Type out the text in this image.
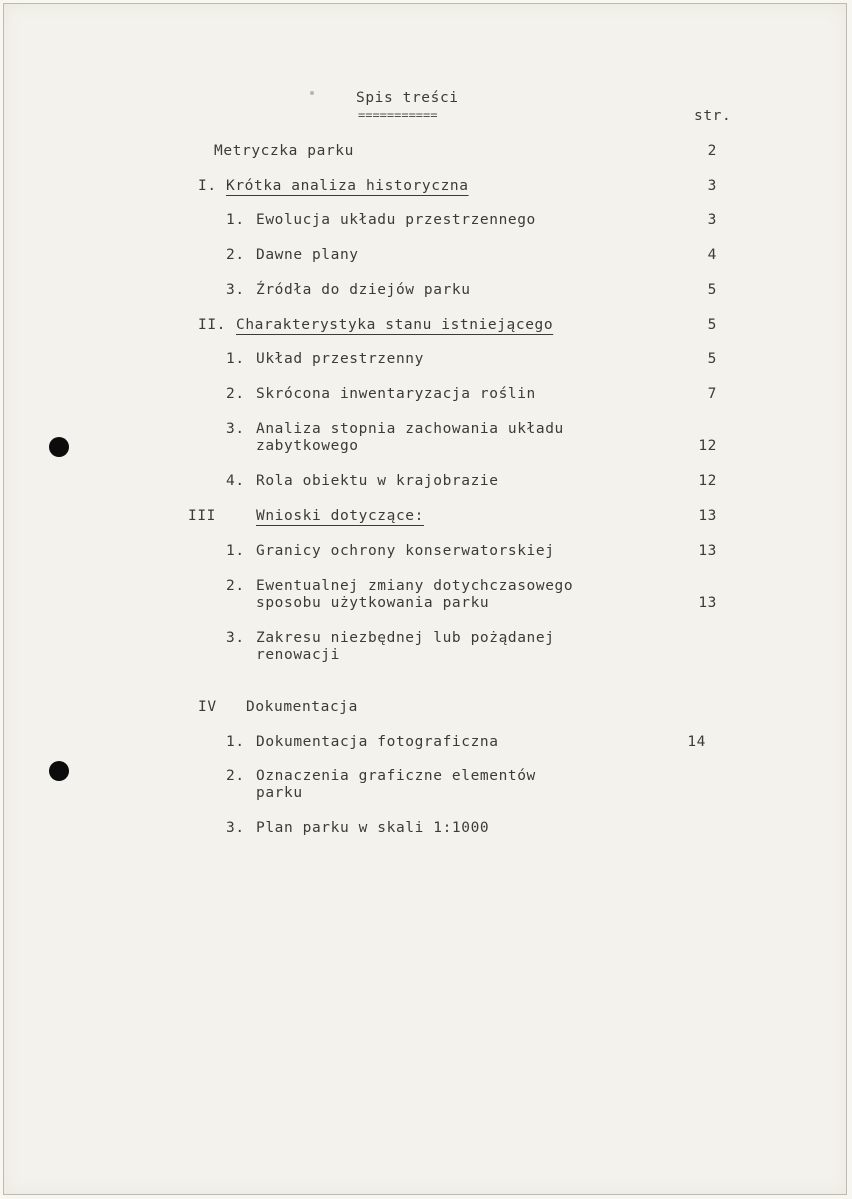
Spis treści
===========	str.
Metryczka parku	2
I. Krótka analiza historyczna	3
1. Ewolucja układu przestrzennego	3
2. Dawne plany	4
3. Źródła do dziejów parku	5
II. Charakterystyka stanu istniejącego	5
1. Układ przestrzenny	5
2. Skrócona inwentaryzacja roślin	7
3. Analiza stopnia zachowania układu
zabytkowego	12
4. Rola obiektu w krajobrazie	12
III	Wnioski dotyczące:	13
1. Granicy ochrony konserwatorskiej	13
2. Ewentualnej zmiany dotychczasowego
sposobu użytkowania parku	13
3. Zakresu niezbędnej lub pożądanej
renowacji
IV Dokumentacja
1. Dokumentacja fotograficzna	14
2. Oznaczenia graficzne elementów
parku
3. Plan parku w skali 1:1000
